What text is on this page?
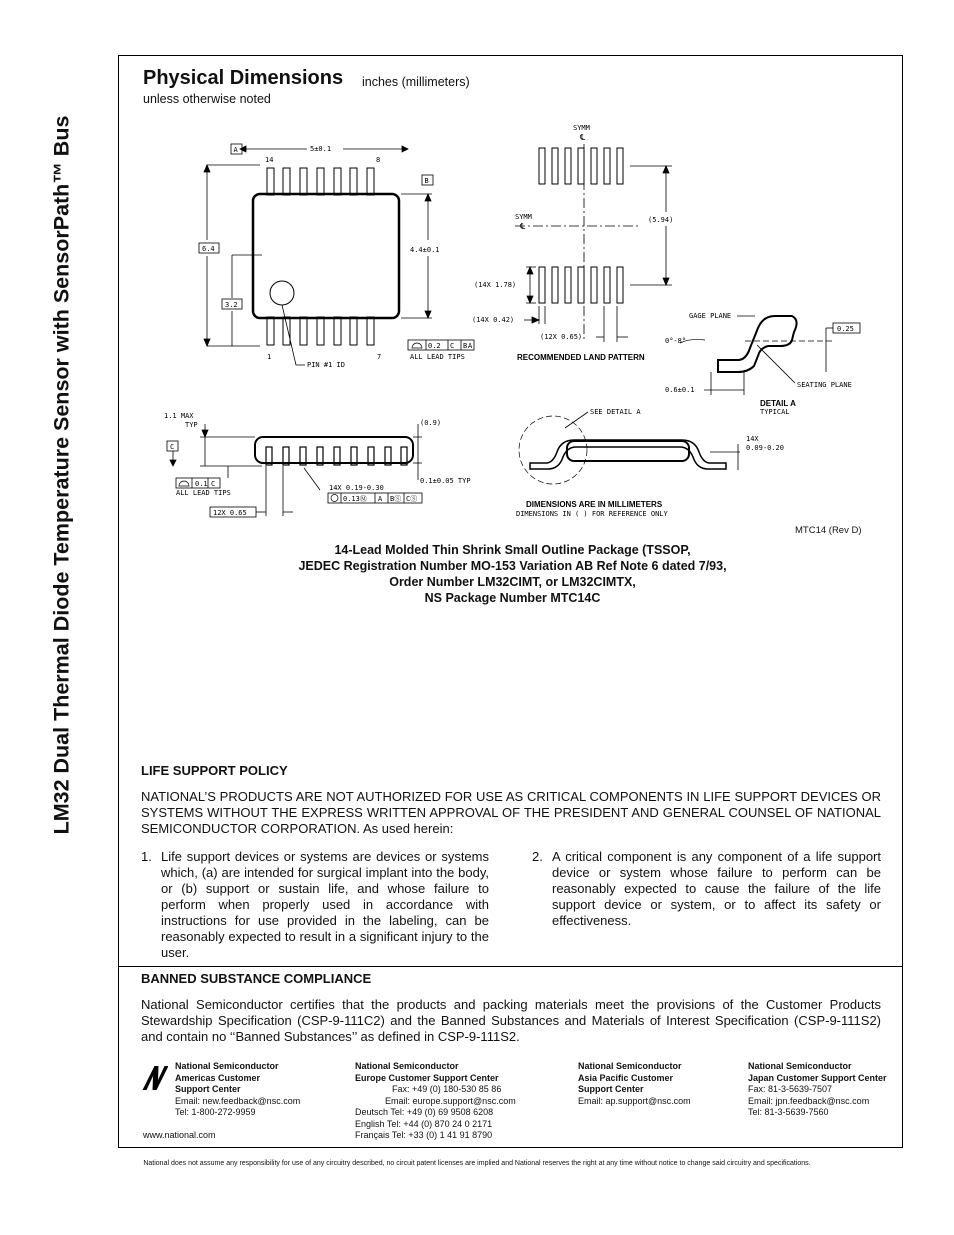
LM32 Dual Thermal Diode Temperature Sensor with SensorPath™ Bus
Physical Dimensions inches (millimeters)
unless otherwise noted
A	5±0.1
14	8
6.4
3.2
B
4.4±0.1
0.2 C B A
ALL LEAD TIPS
1	7
PIN #1 ID
SYMM
℄
SYMM
℄
(5.94)
(14X 1.78)
(14X 0.42)
(12X 0.65)
RECOMMENDED LAND PATTERN
GAGE PLANE
0°-8°
0.25
SEATING PLANE
0.6±0.1
DETAIL A
TYPICAL
1.1 MAX
TYP
C
(0.9)
0.1±0.05 TYP
0.1 C
ALL LEAD TIPS
14X 0.19-0.30
0.13Ⓜ A BⓈ CⓈ
12X 0.65
SEE DETAIL A
14X
0.09-0.20
DIMENSIONS ARE IN MILLIMETERS
DIMENSIONS IN ( ) FOR REFERENCE ONLY
MTC14 (Rev D)
14-Lead Molded Thin Shrink Small Outline Package (TSSOP,
JEDEC Registration Number MO-153 Variation AB Ref Note 6 dated 7/93,
Order Number LM32CIMT, or LM32CIMTX,
NS Package Number MTC14C
LIFE SUPPORT POLICY
NATIONAL’S PRODUCTS ARE NOT AUTHORIZED FOR USE AS CRITICAL COMPONENTS IN LIFE SUPPORT DEVICES OR SYSTEMS WITHOUT THE EXPRESS WRITTEN APPROVAL OF THE PRESIDENT AND GENERAL COUNSEL OF NATIONAL SEMICONDUCTOR CORPORATION. As used herein:
1. Life support devices or systems are devices or systems which, (a) are intended for surgical implant into the body, or (b) support or sustain life, and whose failure to perform when properly used in accordance with instructions for use provided in the labeling, can be reasonably expected to result in a significant injury to the user.
2. A critical component is any component of a life support device or system whose failure to perform can be reasonably expected to cause the failure of the life support device or system, or to affect its safety or effectiveness.
BANNED SUBSTANCE COMPLIANCE
National Semiconductor certifies that the products and packing materials meet the provisions of the Customer Products Stewardship Specification (CSP-9-111C2) and the Banned Substances and Materials of Interest Specification (CSP-9-111S2) and contain no ‘‘Banned Substances’’ as defined in CSP-9-111S2.
National Semiconductor
Americas Customer
Support Center
Email: new.feedback@nsc.com
Tel: 1-800-272-9959
www.national.com
National Semiconductor
Europe Customer Support Center
Fax: +49 (0) 180-530 85 86
Email: europe.support@nsc.com
Deutsch Tel: +49 (0) 69 9508 6208
English Tel: +44 (0) 870 24 0 2171
Français Tel: +33 (0) 1 41 91 8790
National Semiconductor
Asia Pacific Customer
Support Center
Email: ap.support@nsc.com
National Semiconductor
Japan Customer Support Center
Fax: 81-3-5639-7507
Email: jpn.feedback@nsc.com
Tel: 81-3-5639-7560
National does not assume any responsibility for use of any circuitry described, no circuit patent licenses are implied and National reserves the right at any time without notice to change said circuitry and specifications.
